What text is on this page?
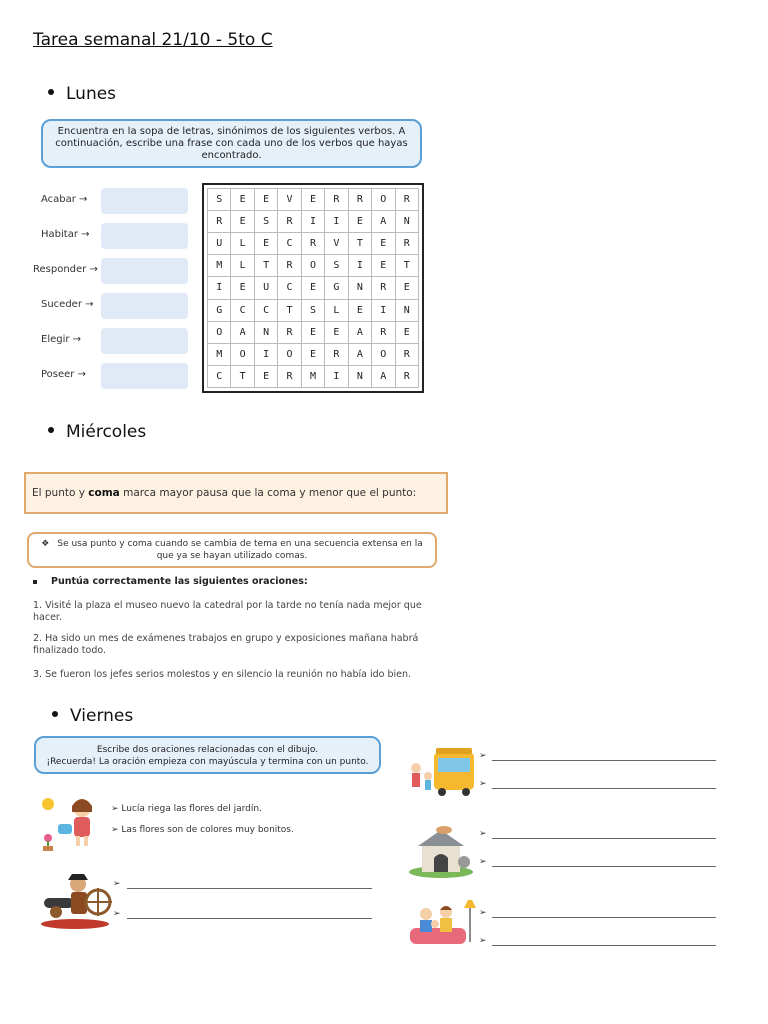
Tarea semanal 21/10 - 5to C
Lunes
Encuentra en la sopa de letras, sinónimos de los siguientes verbos. A continuación, escribe una frase con cada uno de los verbos que hayas encontrado.
Acabar →
Habitar →
Responder →
Suceder →
Elegir →
Poseer →
S	E	E	V	E	R	R	O	R
R	E	S	R	I	I	E	A	N
U	L	E	C	R	V	T	E	R
M	L	T	R	O	S	I	E	T
I	E	U	C	E	G	N	R	E
G	C	C	T	S	L	E	I	N
O	A	N	R	E	E	A	R	E
M	O	I	O	E	R	A	O	R
C	T	E	R	M	I	N	A	R
Miércoles
El punto y coma marca mayor pausa que la coma y menor que el punto:
❖ Se usa punto y coma cuando se cambia de tema en una secuencia extensa en la que ya se hayan utilizado comas.
Puntúa correctamente las siguientes oraciones:
1. Visité la plaza el museo nuevo la catedral por la tarde no tenía nada mejor que hacer.
2. Ha sido un mes de exámenes trabajos en grupo y exposiciones mañana habrá finalizado todo.
3. Se fueron los jefes serios molestos y en silencio la reunión no había ido bien.
Viernes
Escribe dos oraciones relacionadas con el dibujo.
¡Recuerda! La oración empieza con mayúscula y termina con un punto.
➢ Lucía riega las flores del jardín.
➢ Las flores son de colores muy bonitos.
➢
➢
➢
➢
➢
➢
➢
➢
